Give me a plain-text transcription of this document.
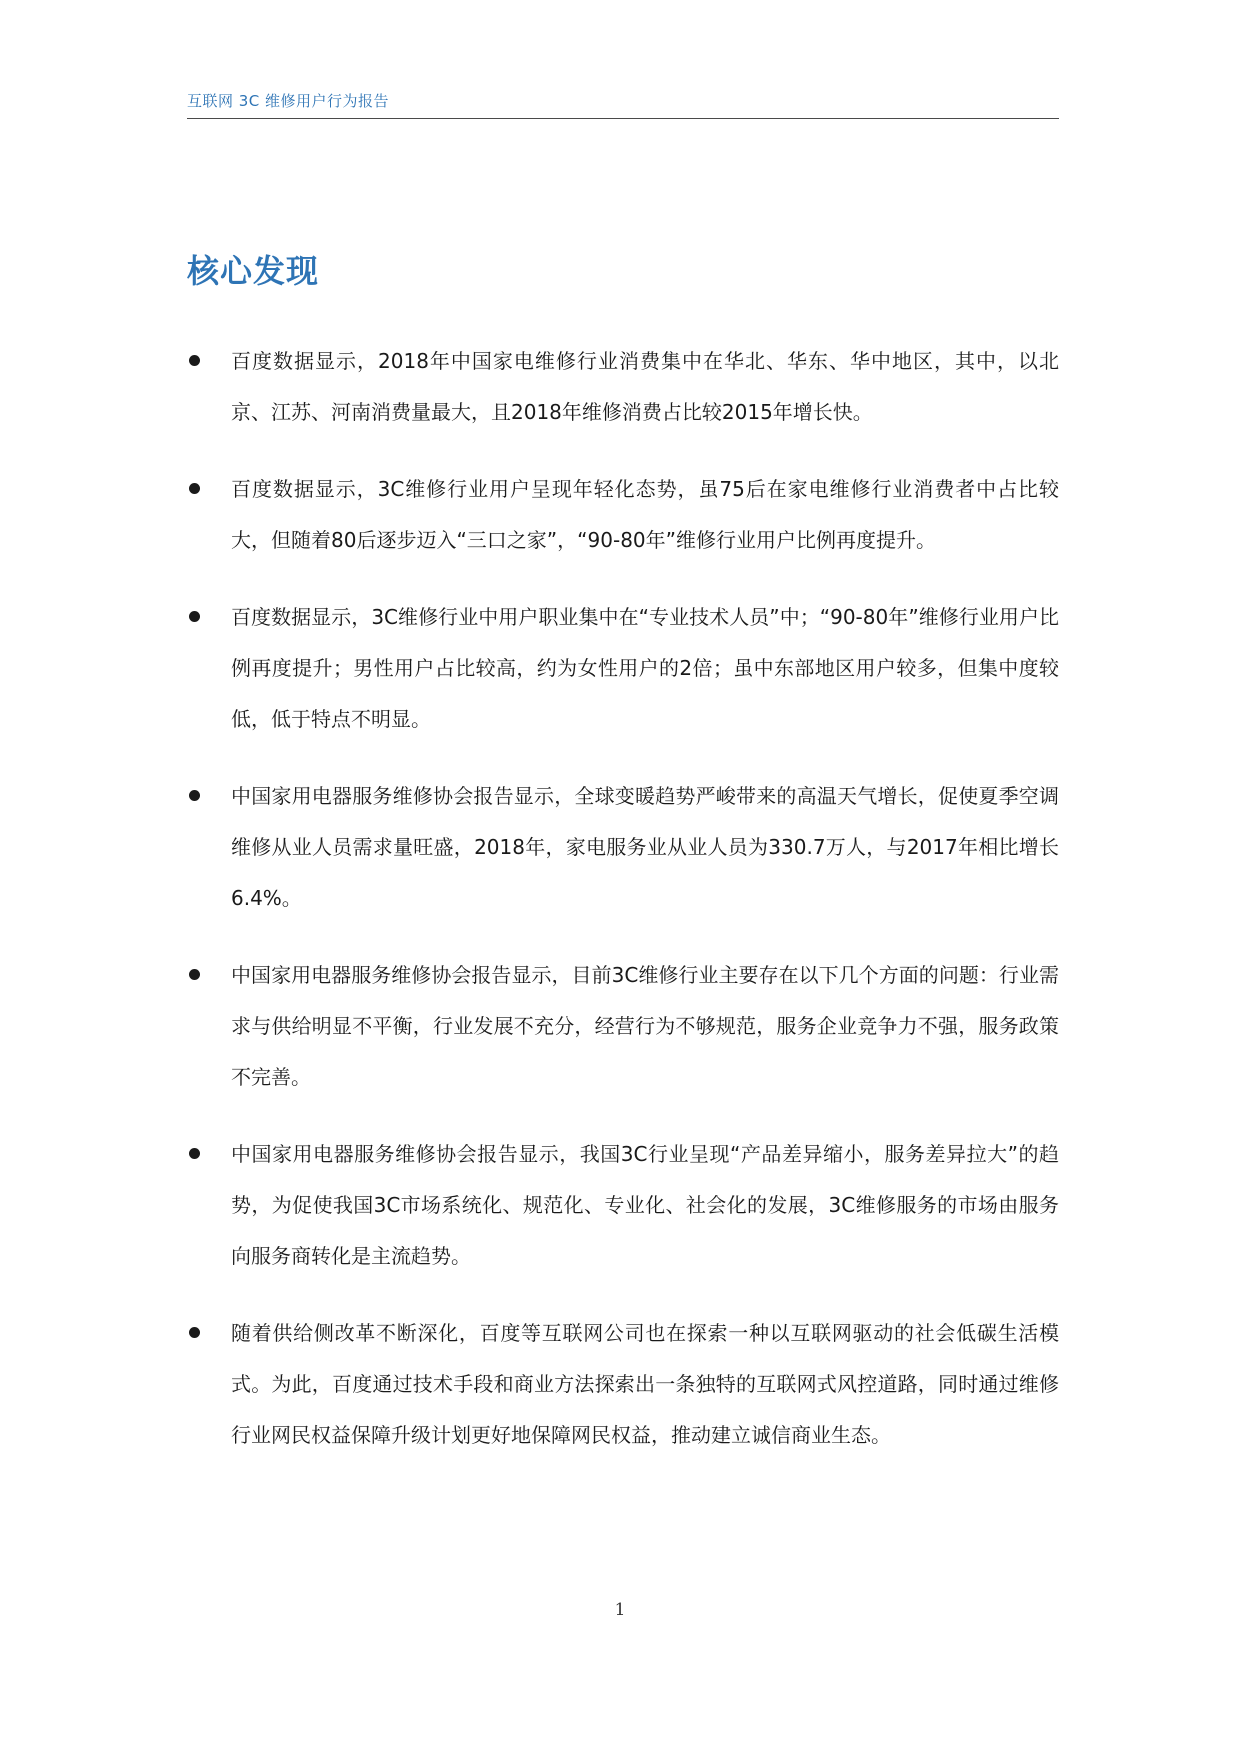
互联网 3C 维修用户行为报告
核心发现
百度数据显示，2018年中国家电维修行业消费集中在华北、华东、华中地区，其中，以北京、江苏、河南消费量最大，且2018年维修消费占比较2015年增长快。
百度数据显示，3C维修行业用户呈现年轻化态势，虽75后在家电维修行业消费者中占比较大，但随着80后逐步迈入“三口之家”，“90-80年”维修行业用户比例再度提升。
百度数据显示，3C维修行业中用户职业集中在“专业技术人员”中；“90-80年”维修行业用户比例再度提升；男性用户占比较高，约为女性用户的2倍；虽中东部地区用户较多，但集中度较低，低于特点不明显。
中国家用电器服务维修协会报告显示，全球变暖趋势严峻带来的高温天气增长，促使夏季空调维修从业人员需求量旺盛，2018年，家电服务业从业人员为330.7万人，与2017年相比增长6.4%。
中国家用电器服务维修协会报告显示，目前3C维修行业主要存在以下几个方面的问题：行业需求与供给明显不平衡，行业发展不充分，经营行为不够规范，服务企业竞争力不强，服务政策不完善。
中国家用电器服务维修协会报告显示，我国3C行业呈现“产品差异缩小，服务差异拉大”的趋势，为促使我国3C市场系统化、规范化、专业化、社会化的发展，3C维修服务的市场由服务向服务商转化是主流趋势。
随着供给侧改革不断深化，百度等互联网公司也在探索一种以互联网驱动的社会低碳生活模式。为此，百度通过技术手段和商业方法探索出一条独特的互联网式风控道路，同时通过维修行业网民权益保障升级计划更好地保障网民权益，推动建立诚信商业生态。
1
